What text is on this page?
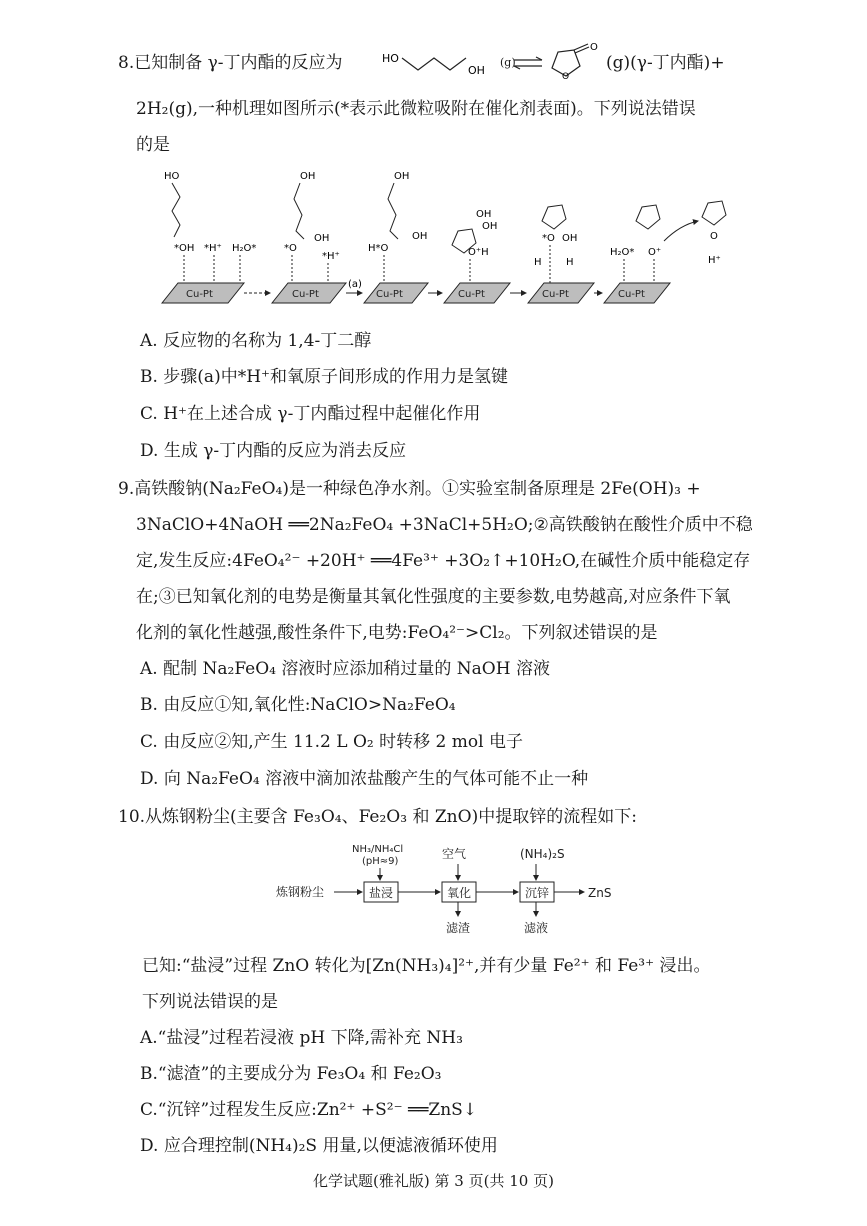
8.已知制备 γ-丁内酯的反应为	HO
OH
(g)
O
O
(g)(γ-丁内酯)+
2H₂(g),一种机理如图所示(*表示此微粒吸附在催化剂表面)。下列说法错误
的是
Cu-Pt	Cu-Pt	Cu-Pt	Cu-Pt	Cu-Pt	Cu-Pt
(a)
HO
*OH *H⁺ H₂O*
OH
*O
OH
*H⁺
OH
H*O
OH
OH
OH
O⁺H
*O OH
H H
H₂O* O⁺
O
H⁺
A. 反应物的名称为 1,4-丁二醇
B. 步骤(a)中*H⁺和氧原子间形成的作用力是氢键
C. H⁺在上述合成 γ-丁内酯过程中起催化作用
D. 生成 γ-丁内酯的反应为消去反应
9.高铁酸钠(Na₂FeO₄)是一种绿色净水剂。①实验室制备原理是 2Fe(OH)₃ +
3NaClO+4NaOH ══2Na₂FeO₄ +3NaCl+5H₂O;②高铁酸钠在酸性介质中不稳
定,发生反应:4FeO₄²⁻ +20H⁺ ══4Fe³⁺ +3O₂↑+10H₂O,在碱性介质中能稳定存
在;③已知氧化剂的电势是衡量其氧化性强度的主要参数,电势越高,对应条件下氧
化剂的氧化性越强,酸性条件下,电势:FeO₄²⁻>Cl₂。下列叙述错误的是
A. 配制 Na₂FeO₄ 溶液时应添加稍过量的 NaOH 溶液
B. 由反应①知,氧化性:NaClO>Na₂FeO₄
C. 由反应②知,产生 11.2 L O₂ 时转移 2 mol 电子
D. 向 Na₂FeO₄ 溶液中滴加浓盐酸产生的气体可能不止一种
10.从炼钢粉尘(主要含 Fe₃O₄、Fe₂O₃ 和 ZnO)中提取锌的流程如下:
NH₃/NH₄Cl
(pH≈9)
空气	(NH₄)₂S
炼钢粉尘	盐浸	氧化
滤渣
沉锌
滤液
ZnS
已知:“盐浸”过程 ZnO 转化为[Zn(NH₃)₄]²⁺,并有少量 Fe²⁺ 和 Fe³⁺ 浸出。
下列说法错误的是
A.“盐浸”过程若浸液 pH 下降,需补充 NH₃
B.“滤渣”的主要成分为 Fe₃O₄ 和 Fe₂O₃
C.“沉锌”过程发生反应:Zn²⁺ +S²⁻ ══ZnS↓
D. 应合理控制(NH₄)₂S 用量,以便滤液循环使用
化学试题(雅礼版) 第 3 页(共 10 页)
